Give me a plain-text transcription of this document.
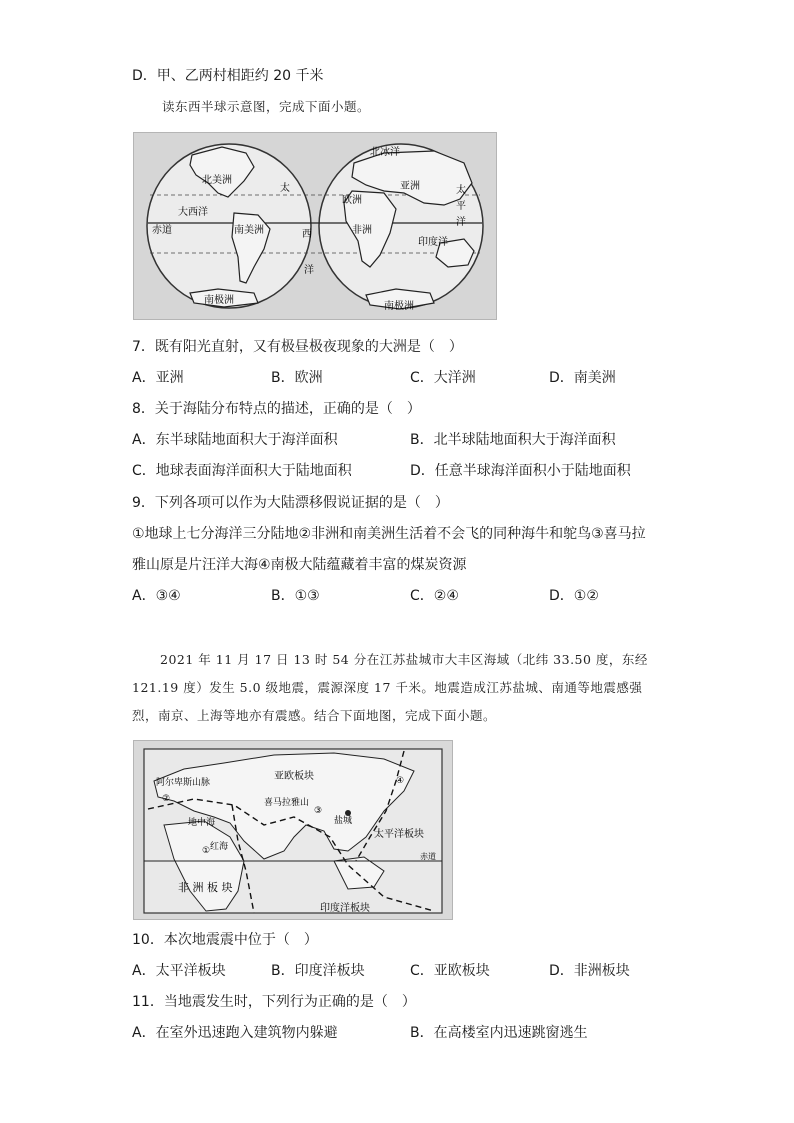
D．甲、乙两村相距约 20 千米
读东西半球示意图，完成下面小题。
北美洲
大西洋
太
赤道	南美洲	西
洋
南极洲
北冰洋
欧洲
亚洲
非洲
印度洋
太
平
洋
南极洲
7．既有阳光直射，又有极昼极夜现象的大洲是（　）
A．亚洲	B．欧洲	C．大洋洲	D．南美洲
8．关于海陆分布特点的描述，正确的是（　）
A．东半球陆地面积大于海洋面积	B．北半球陆地面积大于海洋面积
C．地球表面海洋面积大于陆地面积	D．任意半球海洋面积小于陆地面积
9．下列各项可以作为大陆漂移假说证据的是（　）
①地球上七分海洋三分陆地②非洲和南美洲生活着不会飞的同种海牛和鸵鸟③喜马拉
雅山原是片汪洋大海④南极大陆蕴藏着丰富的煤炭资源
A．③④	B．①③	C．②④	D．①②
2021 年 11 月 17 日 13 时 54 分在江苏盐城市大丰区海域（北纬 33.50 度，东经
121.19 度）发生 5.0 级地震，震源深度 17 千米。地震造成江苏盐城、南通等地震感强
烈，南京、上海等地亦有震感。结合下面地图，完成下面小题。
阿尔卑斯山脉
亚欧板块
喜马拉雅山
地中海	盐城
红海
太平洋板块
赤道
非 洲 板 块
印度洋板块
①
②
③
④
10．本次地震震中位于（　）
A．太平洋板块	B．印度洋板块	C．亚欧板块	D．非洲板块
11．当地震发生时，下列行为正确的是（　）
A．在室外迅速跑入建筑物内躲避	B．在高楼室内迅速跳窗逃生
